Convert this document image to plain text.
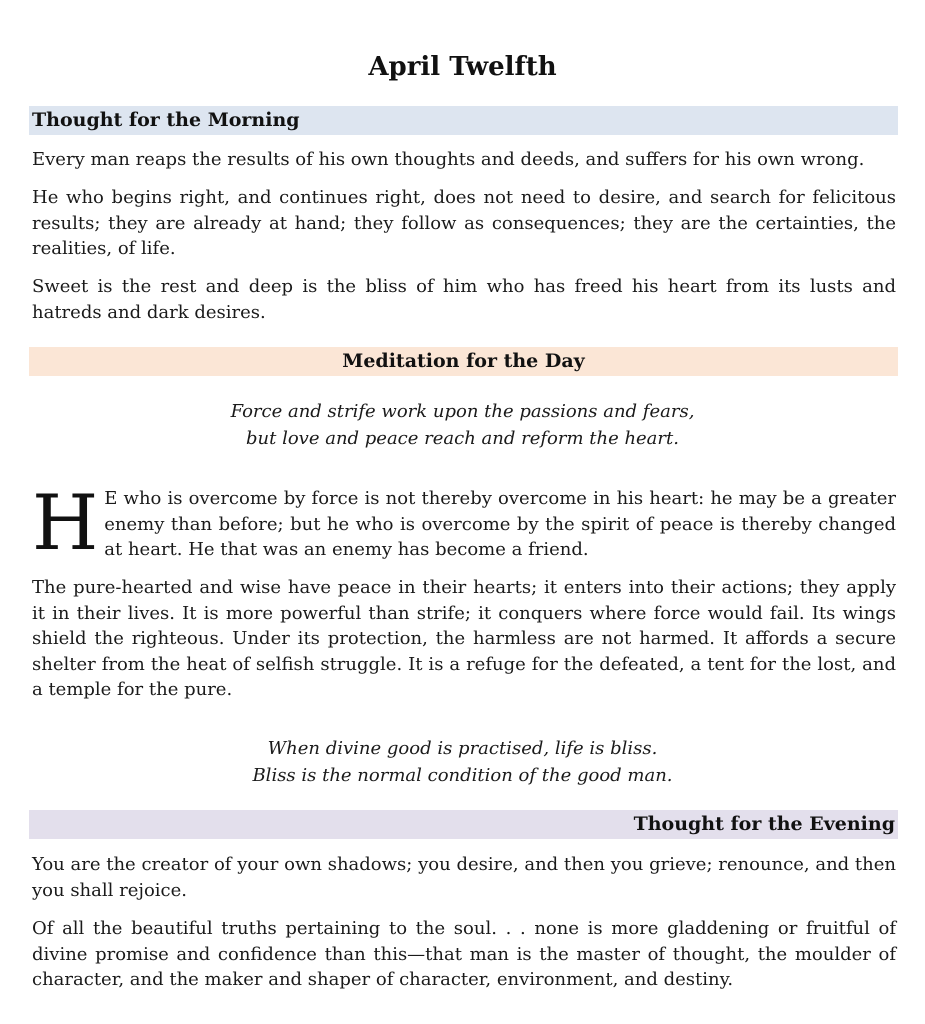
April Twelfth
Thought for the Morning

Every man reaps the results of his own thoughts and deeds, and suffers for his own wrong.

He who begins right, and continues right, does not need to desire, and search for felicitous results; they are already at hand; they follow as consequences; they are the certainties, the realities, of life.

Sweet is the rest and deep is the bliss of him who has freed his heart from its lusts and hatreds and dark desires.

Meditation for the Day

Force and strife work upon the passions and fears,

but love and peace reach and reform the heart.

H E who is overcome by force is not thereby overcome in his heart: he may be a greater enemy than before; but he who is overcome by the spirit of peace is thereby changed at heart. He that was an enemy has become a friend.

The pure-hearted and wise have peace in their hearts; it enters into their actions; they apply it in their lives. It is more powerful than strife; it conquers where force would fail. Its wings shield the righteous. Under its protection, the harmless are not harmed. It affords a secure shelter from the heat of selfish struggle. It is a refuge for the defeated, a tent for the lost, and a temple for the pure.

When divine good is practised, life is bliss.

Bliss is the normal condition of the good man.

Thought for the Evening

You are the creator of your own shadows; you desire, and then you grieve; renounce, and then you shall rejoice.

Of all the beautiful truths pertaining to the soul. . . none is more gladdening or fruitful of divine promise and confidence than this—that man is the master of thought, the moulder of character, and the maker and shaper of character, environment, and destiny.
